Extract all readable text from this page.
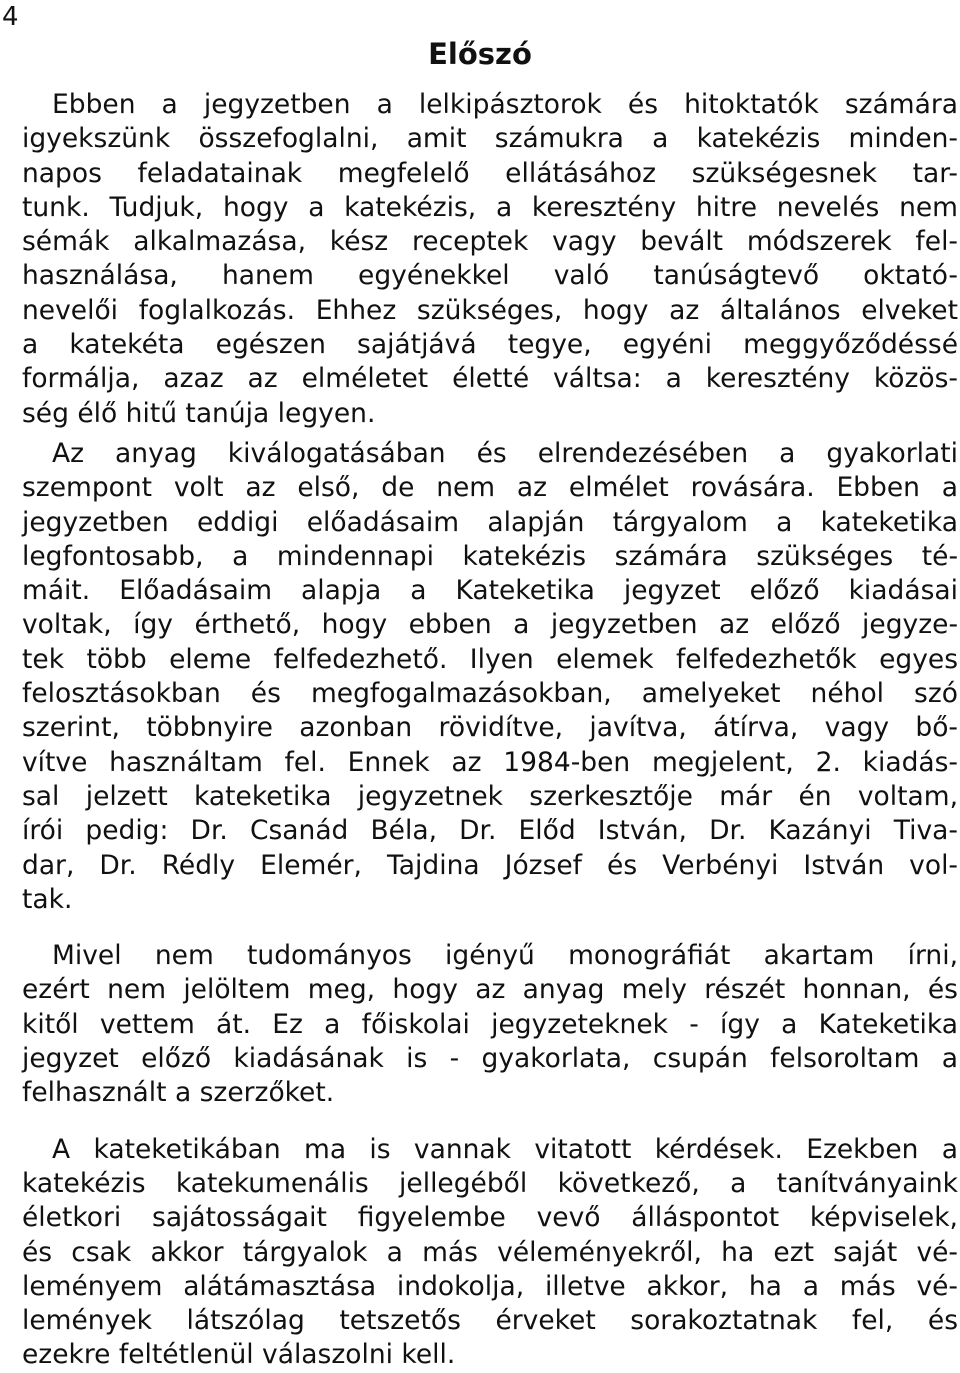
4
Előszó

Ebben a jegyzetben a lelkipásztorok és hitoktatók számára
igyekszünk összefoglalni, amit számukra a katekézis minden-
napos feladatainak megfelelő ellátásához szükségesnek tar-
tunk. Tudjuk, hogy a katekézis, a keresztény hitre nevelés nem
sémák alkalmazása, kész receptek vagy bevált módszerek fel-
használása, hanem egyénekkel való tanúságtevő oktató-
nevelői foglalkozás. Ehhez szükséges, hogy az általános elveket
a katekéta egészen sajátjává tegye, egyéni meggyőződéssé
formálja, azaz az elméletet életté váltsa: a keresztény közös-
ség élő hitű tanúja legyen.

Az anyag kiválogatásában és elrendezésében a gyakorlati
szempont volt az első, de nem az elmélet rovására. Ebben a
jegyzetben eddigi előadásaim alapján tárgyalom a kateketika
legfontosabb, a mindennapi katekézis számára szükséges té-
máit. Előadásaim alapja a Kateketika jegyzet előző kiadásai
voltak, így érthető, hogy ebben a jegyzetben az előző jegyze-
tek több eleme felfedezhető. Ilyen elemek felfedezhetők egyes
felosztásokban és megfogalmazásokban, amelyeket néhol szó
szerint, többnyire azonban rövidítve, javítva, átírva, vagy bő-
vítve használtam fel. Ennek az 1984-ben megjelent, 2. kiadás-
sal jelzett kateketika jegyzetnek szerkesztője már én voltam,
írói pedig: Dr. Csanád Béla, Dr. Előd István, Dr. Kazányi Tiva-
dar, Dr. Rédly Elemér, Tajdina József és Verbényi István vol-
tak.

Mivel nem tudományos igényű monográfiát akartam írni,
ezért nem jelöltem meg, hogy az anyag mely részét honnan, és
kitől vettem át. Ez a főiskolai jegyzeteknek - így a Kateketika
jegyzet előző kiadásának is - gyakorlata, csupán felsoroltam a
felhasznált a szerzőket.

A kateketikában ma is vannak vitatott kérdések. Ezekben a
katekézis katekumenális jellegéből következő, a tanítványaink
életkori sajátosságait figyelembe vevő álláspontot képviselek,
és csak akkor tárgyalok a más véleményekről, ha ezt saját vé-
leményem alátámasztása indokolja, illetve akkor, ha a más vé-
lemények látszólag tetszetős érveket sorakoztatnak fel, és
ezekre feltétlenül válaszolni kell.
